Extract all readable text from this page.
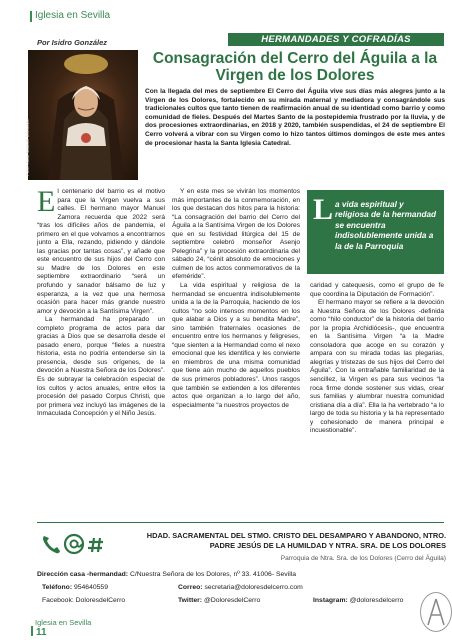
Iglesia en Sevilla
HERMANDADES Y COFRADÍAS
Por Isidro González
Foto: Juan Manuel Berruezo
Consagración del Cerro del Águila a la Virgen de los Dolores
Con la llegada del mes de septiembre El Cerro del Águila vive sus días más alegres junto a la Virgen de los Dolores, fortalecido en su mirada maternal y mediadora y consagrándole sus tradicionales cultos que tanto tienen de reafirmación anual de su identidad como barrio y como comunidad de fieles. Después del Martes Santo de la postepidemia frustrado por la lluvia, y de dos procesiones extraordinarias, en 2018 y 2020, también suspendidas, el 24 de septiembre El Cerro volverá a vibrar con su Virgen como lo hizo tantos últimos domingos de este mes antes de procesionar hasta la Santa Iglesia Catedral.

El centenario del barrio es el motivo para que la Virgen vuelva a sus calles. El hermano mayor Manuel Zamora recuerda que 2022 será “tras los difíciles años de pandemia, el primero en el que volvamos a encontrarnos junto a Ella, rezando, pidiendo y dándole las gracias por tantas cosas”, y añade que este encuentro de sus hijos del Cerro con su Madre de los Dolores en este septiembre extraordinario “será un profundo y sanador bálsamo de luz y esperanza, a la vez que una hermosa ocasión para hacer más grande nuestro amor y devoción a la Santísima Virgen”.

La hermandad ha preparado un completo programa de actos para dar gracias a Dios que se desarrolla desde el pasado enero, porque “fieles a nuestra historia, esta no podría entenderse sin la presencia, desde sus orígenes, de la devoción a Nuestra Señora de los Dolores”. Es de subrayar la celebración especial de los cultos y actos anuales, entre ellos la procesión del pasado Corpus Christi, que por primera vez incluyó las imágenes de la Inmaculada Concepción y el Niño Jesús.

Y en este mes se vivirán los momentos más importantes de la conmemoración, en los que destacan dos hitos para la historia: “La consagración del barrio del Cerro del Águila a la Santísima Virgen de los Dolores que en su festividad litúrgica del 15 de septiembre celebró monseñor Asenjo Pelegrina” y la procesión extraordinaria del sábado 24, “cénit absoluto de emociones y culmen de los actos conmemorativos de la efeméride”.

La vida espiritual y religiosa de la hermandad se encuentra indisolublemente unida a la de la Parroquia, haciendo de los cultos “no solo intensos momentos en los que alabar a Dios y a su bendita Madre”, sino también fraternales ocasiones de encuentro entre los hermanos y feligreses, “que sienten a la Hermandad como el nexo emocional que les identifica y les convierte en miembros de una misma comunidad que tiene aún mucho de aquellos pueblos de sus primeros pobladores”. Unos rasgos que también se extienden a los diferentes actos que organizan a lo largo del año, especialmente “a nuestros proyectos de

L a vida espiritual y religiosa de la hermandad se encuentra indisolublemente unida a la de la Parroquia

caridad y catequesis, como el grupo de fe que coordina la Diputación de Formación”.

El hermano mayor se refiere a la devoción a Nuestra Señora de los Dolores -definida como “hilo conductor” de la historia del barrio por la propia Archidiócesis-, que encuentra en la Santísima Virgen “a la Madre consoladora que acoge en su corazón y ampara con su mirada todas las plegarias, alegrías y tristezas de sus hijos del Cerro del Águila”. Con la entrañable familiaridad de la sencillez, la Virgen es para sus vecinos “la roca firme donde sostener sus vidas, crear sus familias y alumbrar nuestra comunidad cristiana día a día”. Ella la ha vertebrado “a lo largo de toda su historia y la ha representado y cohesionado de manera principal e incuestionable”.

HDAD. SACRAMENTAL DEL STMO. CRISTO DEL DESAMPARO Y ABANDONO, NTRO. PADRE JESÚS DE LA HUMILDAD Y NTRA. SRA. DE LOS DOLORES
Parroquia de Ntra. Sra. de los Dolores (Cerro del Águila)
Dirección casa -hermandad: C/Nuestra Señora de los Dolores, nº 33. 41006- Sevilla
Teléfono: 954640559	Correo: secretaria@doloresdelcerro.com
Facebook: DoloresdelCerro	Twitter: @DoloresdelCerro	Instagram: @doloresdelcerro
Iglesia en Sevilla
11
